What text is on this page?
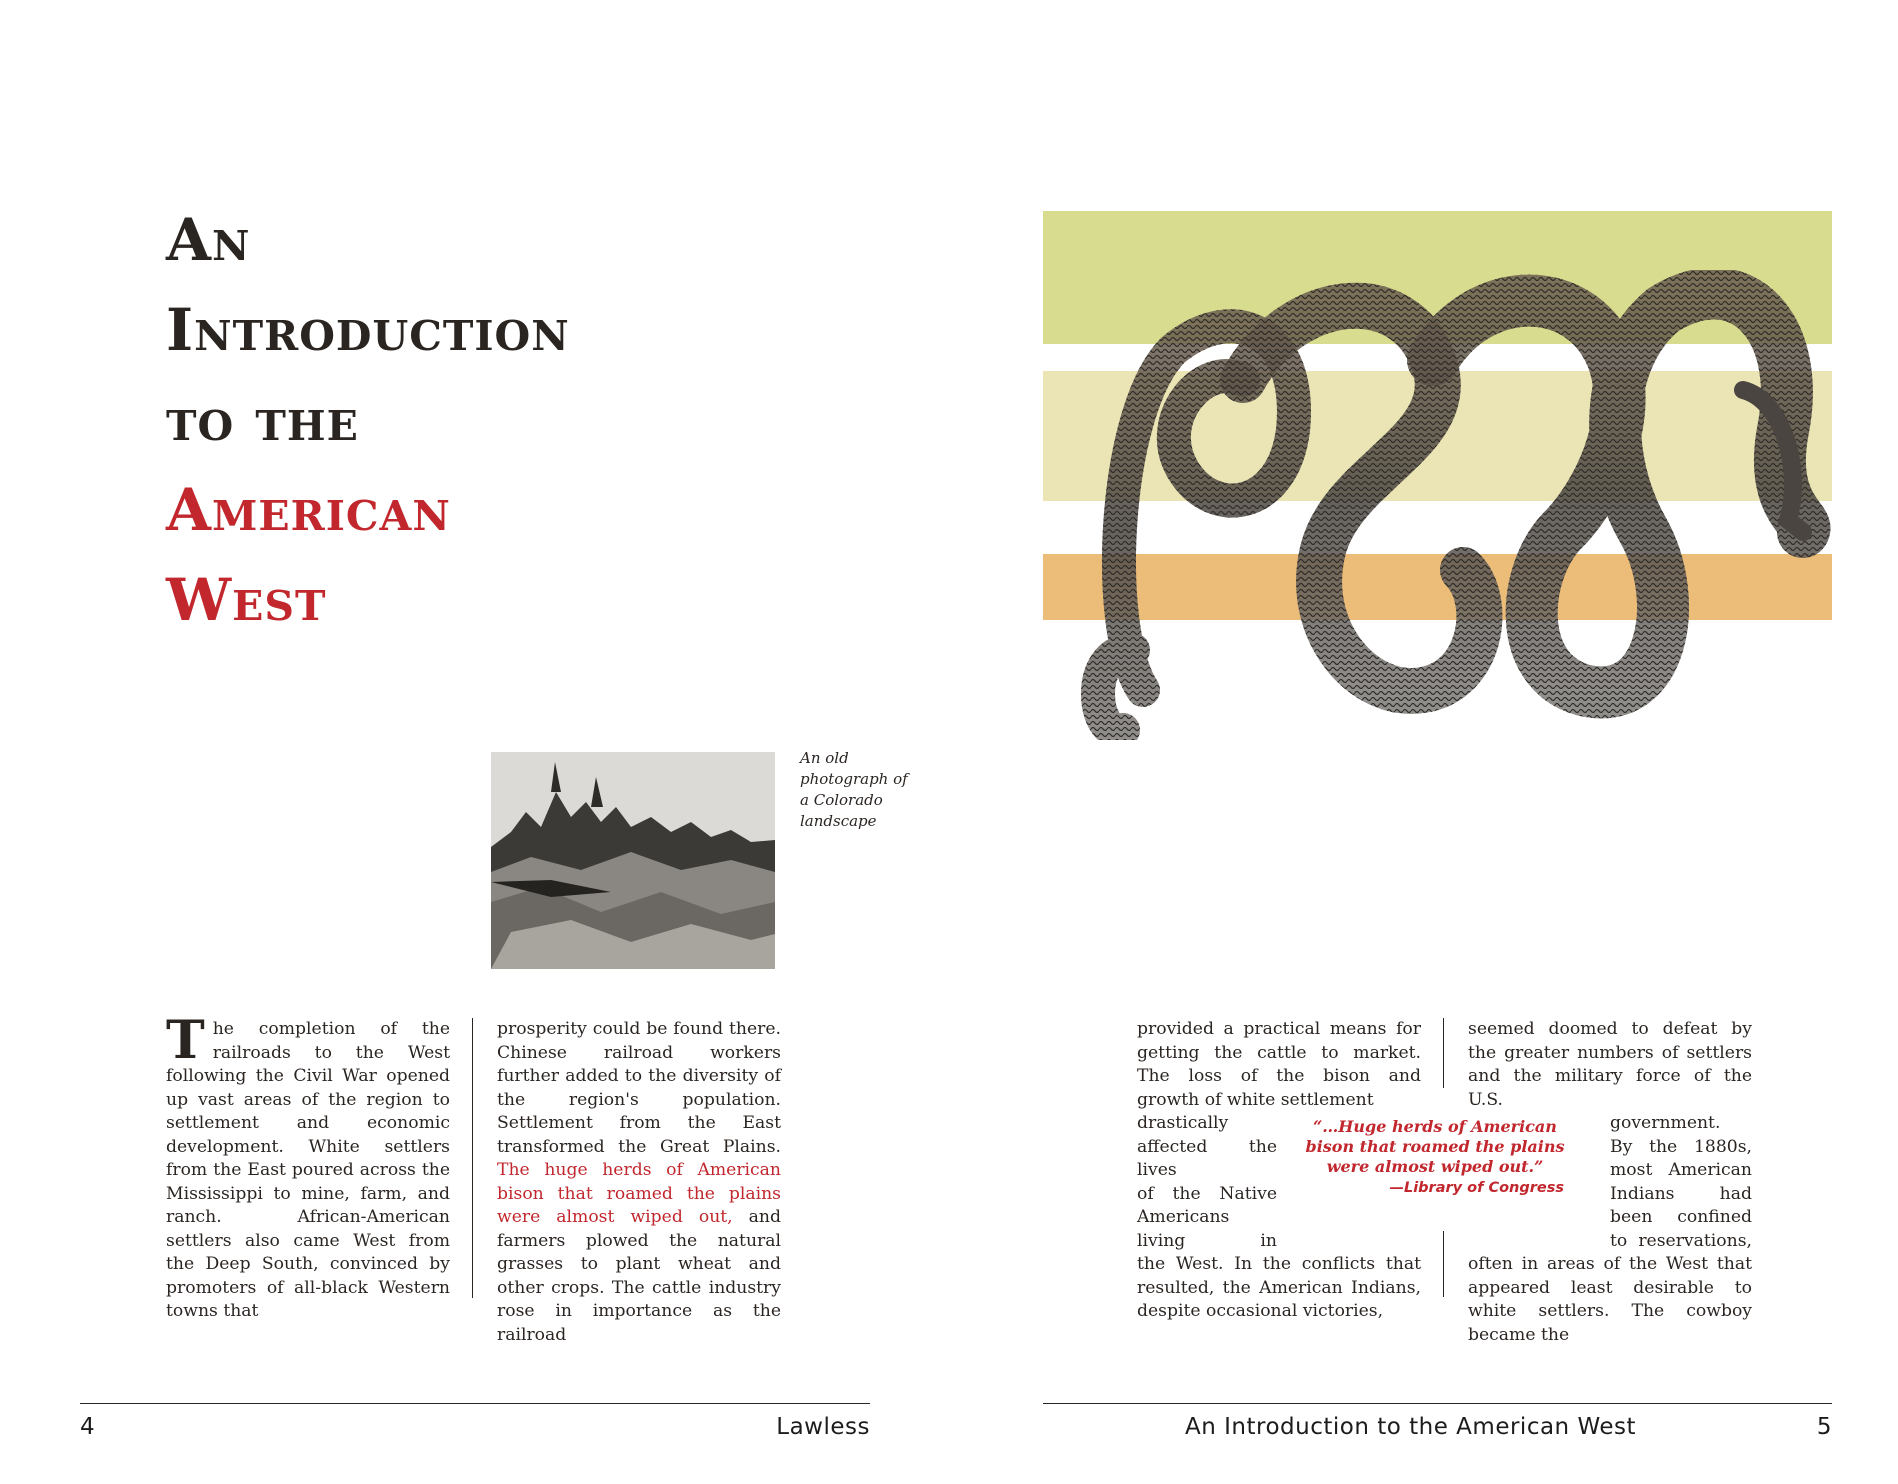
An
Introduction
to the
American
West
An old photograph of a Colorado landscape

The completion of the railroads to the West following the Civil War opened up vast areas of the region to settlement and economic development. White settlers from the East poured across the Mississippi to mine, farm, and ranch. African-American settlers also came West from the Deep South, convinced by promoters of all-black Western towns that

prosperity could be found there. Chinese railroad workers further added to the diversity of the region's population. Settlement from the East transformed the Great Plains. The huge herds of American bison that roamed the plains were almost wiped out, and farmers plowed the natural grasses to plant wheat and other crops. The cattle industry rose in importance as the railroad

4	Lawless

provided a practical means for getting the cattle to market. The loss of the bison and growth of white settlement

drastically
affected the lives
of the Native
Americans
living in

the West. In the conflicts that resulted, the American Indians, despite occasional victories,

seemed doomed to defeat by the greater numbers of settlers and the military force of the U.S.

government.
By the 1880s,
most American
Indians had
been confined
to reservations,

often in areas of the West that appeared least desirable to white settlers. The cowboy became the

An Introduction to the American West	5
“…Huge herds of American bison that roamed the plains were almost wiped out.”
—Library of Congress
